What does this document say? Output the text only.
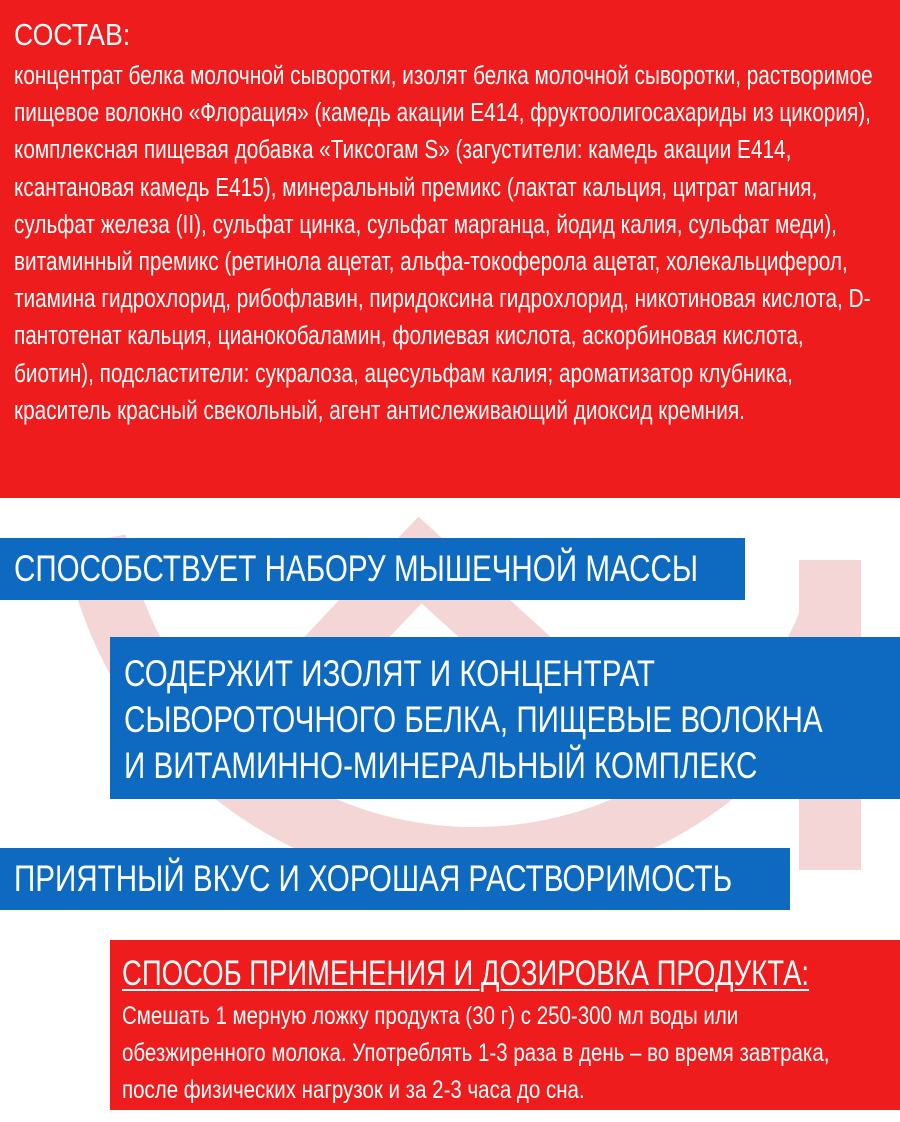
СОСТАВ:

концентрат белка молочной сыворотки, изолят белка молочной сыворотки, растворимое пищевое волокно «Флорация» (камедь акации Е414, фруктоолигосахариды из цикория), комплексная пищевая добавка «Тиксогам S» (загустители: камедь акации Е414, ксантановая камедь Е415), минеральный премикс (лактат кальция, цитрат магния, сульфат железа (II), сульфат цинка, сульфат марганца, йодид калия, сульфат меди), витаминный премикс (ретинола ацетат, альфа-токоферола ацетат, холекальциферол, тиамина гидрохлорид, рибофлавин, пиридоксина гидрохлорид, никотиновая кислота, D-пантотенат кальция, цианокобаламин, фолиевая кислота, аскорбиновая кислота, биотин), подсластители: сукралоза, ацесульфам калия; ароматизатор клубника, краситель красный свекольный, агент антислеживающий диоксид кремния.

СПОСОБСТВУЕТ НАБОРУ МЫШЕЧНОЙ МАССЫ
СОДЕРЖИТ ИЗОЛЯТ И КОНЦЕНТРАТ
СЫВОРОТОЧНОГО БЕЛКА, ПИЩЕВЫЕ ВОЛОКНА
И ВИТАМИННО-МИНЕРАЛЬНЫЙ КОМПЛЕКС
ПРИЯТНЫЙ ВКУС И ХОРОШАЯ РАСТВОРИМОСТЬ
СПОСОБ ПРИМЕНЕНИЯ И ДОЗИРОВКА ПРОДУКТА:

Смешать 1 мерную ложку продукта (30 г) с 250-300 мл воды или обезжиренного молока. Употреблять 1-3 раза в день – во время завтрака, после физических нагрузок и за 2-3 часа до сна.
